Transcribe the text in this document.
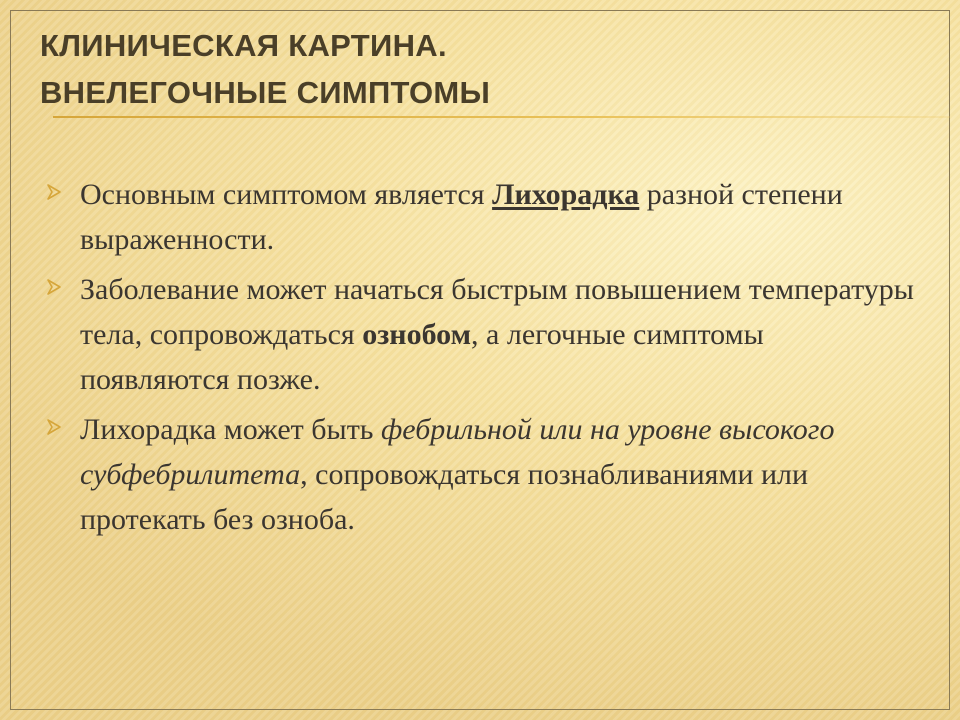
КЛИНИЧЕСКАЯ КАРТИНА.
ВНЕЛЕГОЧНЫЕ СИМПТОМЫ
Основным симптомом является Лихорадка разной степени выраженности.
Заболевание может начаться быстрым повышением температуры тела, сопровождаться ознобом, а легочные симптомы появляются позже.
Лихорадка может быть фебрильной или на уровне высокого субфебрилитета, сопровождаться познабливаниями или протекать без озноба.
